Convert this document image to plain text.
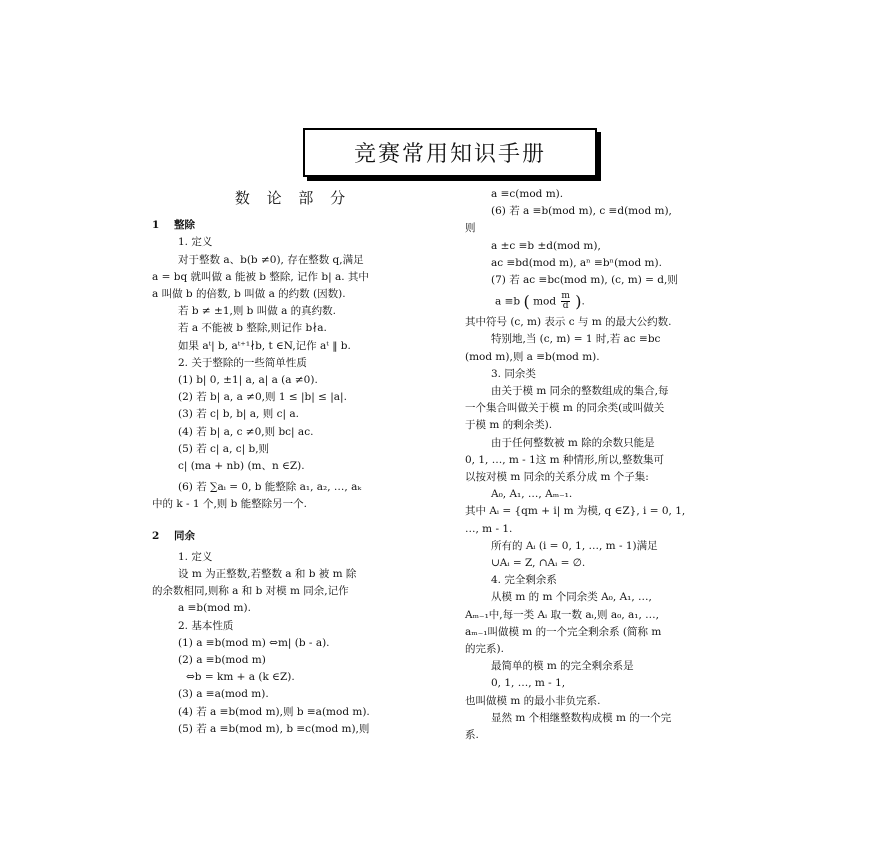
竞赛常用知识手册
数 论 部 分
1 整除
1. 定义
对于整数 a、b(b ≠0), 存在整数 q,满足
a = bq 就叫做 a 能被 b 整除, 记作 b| a. 其中
a 叫做 b 的倍数, b 叫做 a 的约数 (因数).
若 b ≠ ±1,则 b 叫做 a 的真约数.
若 a 不能被 b 整除,则记作 b∤a.
如果 aᵗ| b, aᵗ⁺¹∤b, t ∈N,记作 aᵗ ‖ b.
2. 关于整除的一些简单性质
(1) b| 0, ±1| a, a| a (a ≠0).
(2) 若 b| a, a ≠0,则 1 ≤ |b| ≤ |a|.
(3) 若 c| b, b| a, 则 c| a.
(4) 若 b| a, c ≠0,则 bc| ac.
(5) 若 c| a, c| b,则
c| (ma + nb) (m、n ∈Z).
(6) 若 ∑aᵢ = 0, b 能整除 a₁, a₂, …, aₖ
中的 k - 1 个,则 b 能整除另一个.
2 同余
1. 定义
设 m 为正整数,若整数 a 和 b 被 m 除
的余数相同,则称 a 和 b 对模 m 同余,记作
a ≡b(mod m).
2. 基本性质
(1) a ≡b(mod m) ⇔m| (b - a).
(2) a ≡b(mod m)
⇔b = km + a (k ∈Z).
(3) a ≡a(mod m).
(4) 若 a ≡b(mod m),则 b ≡a(mod m).
(5) 若 a ≡b(mod m), b ≡c(mod m),则
a ≡c(mod m).
(6) 若 a ≡b(mod m), c ≡d(mod m),
则
a ±c ≡b ±d(mod m),
ac ≡bd(mod m), aⁿ ≡bⁿ(mod m).
(7) 若 ac ≡bc(mod m), (c, m) = d,则
a ≡b ( mod $\frac{m}{d}$ ).
其中符号 (c, m) 表示 c 与 m 的最大公约数.
特别地,当 (c, m) = 1 时,若 ac ≡bc
(mod m),则 a ≡b(mod m).
3. 同余类
由关于模 m 同余的整数组成的集合,每
一个集合叫做关于模 m 的同余类(或叫做关
于模 m 的剩余类).
由于任何整数被 m 除的余数只能是
0, 1, …, m - 1这 m 种情形,所以,整数集可
以按对模 m 同余的关系分成 m 个子集:
A₀, A₁, …, Aₘ₋₁.
其中 Aᵢ = {qm + i| m 为模, q ∈Z}, i = 0, 1,
…, m - 1.
所有的 Aᵢ (i = 0, 1, …, m - 1)满足
∪Aᵢ = Z, ∩Aᵢ = ∅.
4. 完全剩余系
从模 m 的 m 个同余类 A₀, A₁, …,
Aₘ₋₁中,每一类 Aᵢ 取一数 aᵢ,则 a₀, a₁, …,
aₘ₋₁叫做模 m 的一个完全剩余系 (简称 m
的完系).
最简单的模 m 的完全剩余系是
0, 1, …, m - 1,
也叫做模 m 的最小非负完系.
显然 m 个相继整数构成模 m 的一个完
系.
